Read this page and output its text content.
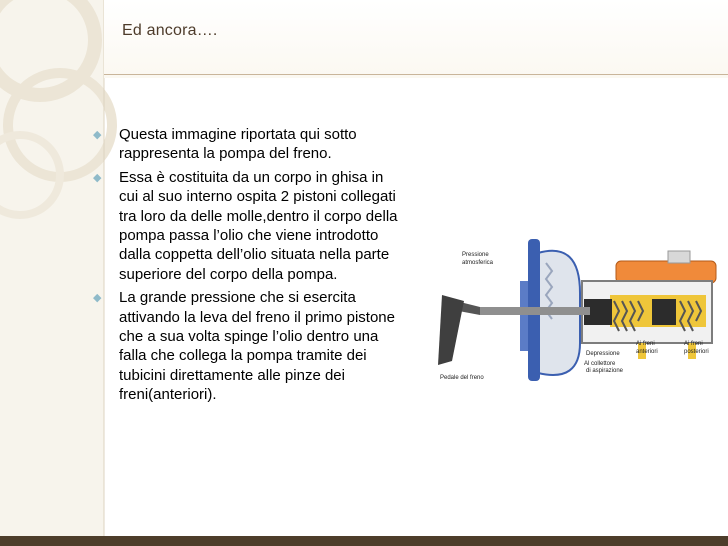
Ed ancora….
◆ Questa immagine riportata qui sotto rappresenta la pompa del freno.
◆ Essa è costituita da un corpo in ghisa in cui al suo interno ospita 2 pistoni collegati tra loro da delle molle,dentro il corpo della pompa passa l’olio che viene introdotto dalla coppetta dell’olio situata nella parte superiore del corpo della pompa.
◆ La grande pressione che si esercita attivando la leva del freno il primo pistone che a sua volta spinge l’olio dentro una falla che collega la pompa tramite dei tubicini direttamente alle pinze dei freni(anteriori).
Pressione
atmosferica
Depressione
Pedale del freno
Al collettore
di aspirazione
Ai freni
anteriori
Ai freni
posteriori
